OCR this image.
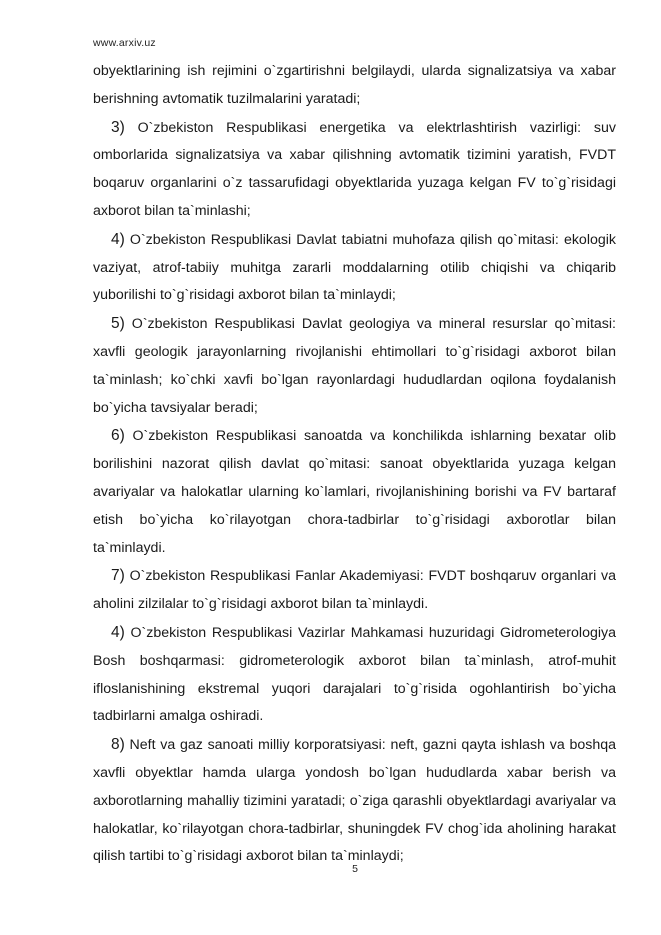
www.arxiv.uz

obyektlarining ish rejimini o`zgartirishni belgilaydi, ularda signalizatsiya va xabar berishning avtomatik tuzilmalarini yaratadi;

3) O`zbekiston Respublikasi energetika va elektrlashtirish vazirligi: suv omborlarida signalizatsiya va xabar qilishning avtomatik tizimini yaratish, FVDT boqaruv organlarini o`z tassarufidagi obyektlarida yuzaga kelgan FV to`g`risidagi axborot bilan ta`minlashi;

4) O`zbekiston Respublikasi Davlat tabiatni muhofaza qilish qo`mitasi: ekologik vaziyat, atrof-tabiiy muhitga zararli moddalarning otilib chiqishi va chiqarib yuborilishi to`g`risidagi axborot bilan ta`minlaydi;

5) O`zbekiston Respublikasi Davlat geologiya va mineral resurslar qo`mitasi: xavfli geologik jarayonlarning rivojlanishi ehtimollari to`g`risidagi axborot bilan ta`minlash; ko`chki xavfi bo`lgan rayonlardagi hududlardan oqilona foydalanish bo`yicha tavsiyalar beradi;

6) O`zbekiston Respublikasi sanoatda va konchilikda ishlarning bexatar olib borilishini nazorat qilish davlat qo`mitasi: sanoat obyektlarida yuzaga kelgan avariyalar va halokatlar ularning ko`lamlari, rivojlanishining borishi va FV bartaraf etish bo`yicha ko`rilayotgan chora-tadbirlar to`g`risidagi axborotlar bilan ta`minlaydi.

7) O`zbekiston Respublikasi Fanlar Akademiyasi: FVDT boshqaruv organlari va aholini zilzilalar to`g`risidagi axborot bilan ta`minlaydi.

4) O`zbekiston Respublikasi Vazirlar Mahkamasi huzuridagi Gidrometerologiya Bosh boshqarmasi: gidrometerologik axborot bilan ta`minlash, atrof-muhit ifloslanishining ekstremal yuqori darajalari to`g`risida ogohlantirish bo`yicha tadbirlarni amalga oshiradi.

8) Neft va gaz sanoati milliy korporatsiyasi: neft, gazni qayta ishlash va boshqa xavfli obyektlar hamda ularga yondosh bo`lgan hududlarda xabar berish va axborotlarning mahalliy tizimini yaratadi; o`ziga qarashli obyektlardagi avariyalar va halokatlar, ko`rilayotgan chora-tadbirlar, shuningdek FV chog`ida aholining harakat qilish tartibi to`g`risidagi axborot bilan ta`minlaydi;

5
